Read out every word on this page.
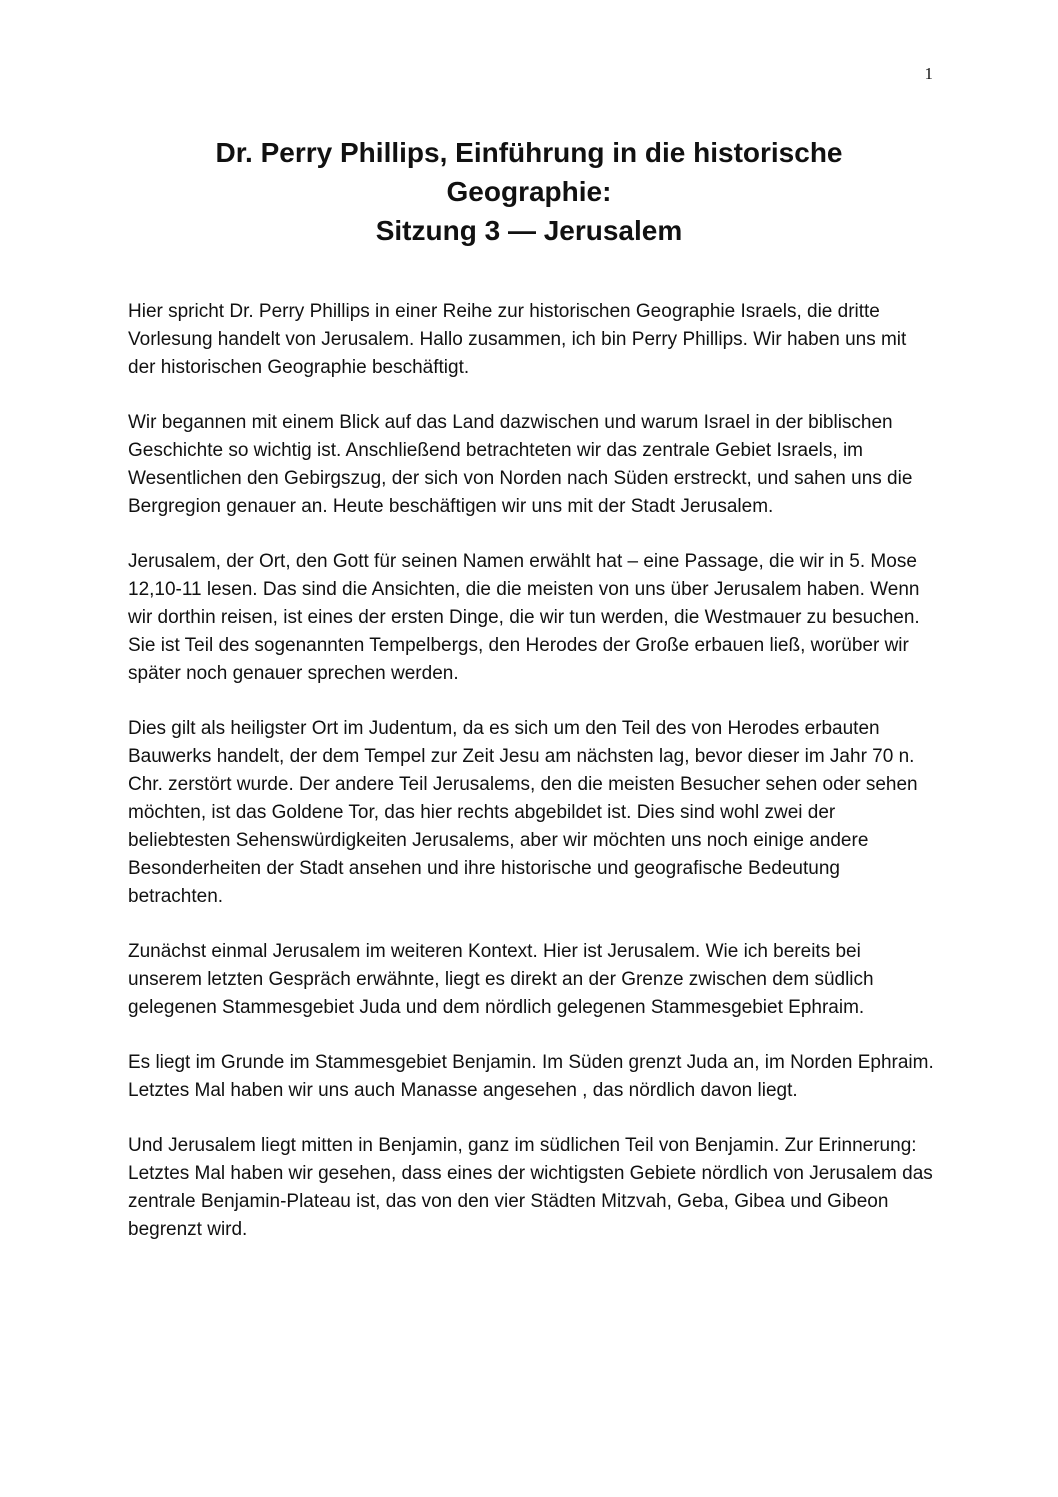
1
Dr. Perry Phillips, Einführung in die historische
Geographie:
Sitzung 3 — Jerusalem

Hier spricht Dr. Perry Phillips in einer Reihe zur historischen Geographie Israels, die dritte Vorlesung handelt von Jerusalem. Hallo zusammen, ich bin Perry Phillips. Wir haben uns mit der historischen Geographie beschäftigt.

Wir begannen mit einem Blick auf das Land dazwischen und warum Israel in der biblischen Geschichte so wichtig ist. Anschließend betrachteten wir das zentrale Gebiet Israels, im Wesentlichen den Gebirgszug, der sich von Norden nach Süden erstreckt, und sahen uns die Bergregion genauer an. Heute beschäftigen wir uns mit der Stadt Jerusalem.

Jerusalem, der Ort, den Gott für seinen Namen erwählt hat – eine Passage, die wir in 5. Mose 12,10-11 lesen. Das sind die Ansichten, die die meisten von uns über Jerusalem haben. Wenn wir dorthin reisen, ist eines der ersten Dinge, die wir tun werden, die Westmauer zu besuchen. Sie ist Teil des sogenannten Tempelbergs, den Herodes der Große erbauen ließ, worüber wir später noch genauer sprechen werden.

Dies gilt als heiligster Ort im Judentum, da es sich um den Teil des von Herodes erbauten Bauwerks handelt, der dem Tempel zur Zeit Jesu am nächsten lag, bevor dieser im Jahr 70 n. Chr. zerstört wurde. Der andere Teil Jerusalems, den die meisten Besucher sehen oder sehen möchten, ist das Goldene Tor, das hier rechts abgebildet ist. Dies sind wohl zwei der beliebtesten Sehenswürdigkeiten Jerusalems, aber wir möchten uns noch einige andere Besonderheiten der Stadt ansehen und ihre historische und geografische Bedeutung betrachten.

Zunächst einmal Jerusalem im weiteren Kontext. Hier ist Jerusalem. Wie ich bereits bei unserem letzten Gespräch erwähnte, liegt es direkt an der Grenze zwischen dem südlich gelegenen Stammesgebiet Juda und dem nördlich gelegenen Stammesgebiet Ephraim.

Es liegt im Grunde im Stammesgebiet Benjamin. Im Süden grenzt Juda an, im Norden Ephraim. Letztes Mal haben wir uns auch Manasse angesehen , das nördlich davon liegt.

Und Jerusalem liegt mitten in Benjamin, ganz im südlichen Teil von Benjamin. Zur Erinnerung: Letztes Mal haben wir gesehen, dass eines der wichtigsten Gebiete nördlich von Jerusalem das zentrale Benjamin-Plateau ist, das von den vier Städten Mitzvah, Geba, Gibea und Gibeon begrenzt wird.
